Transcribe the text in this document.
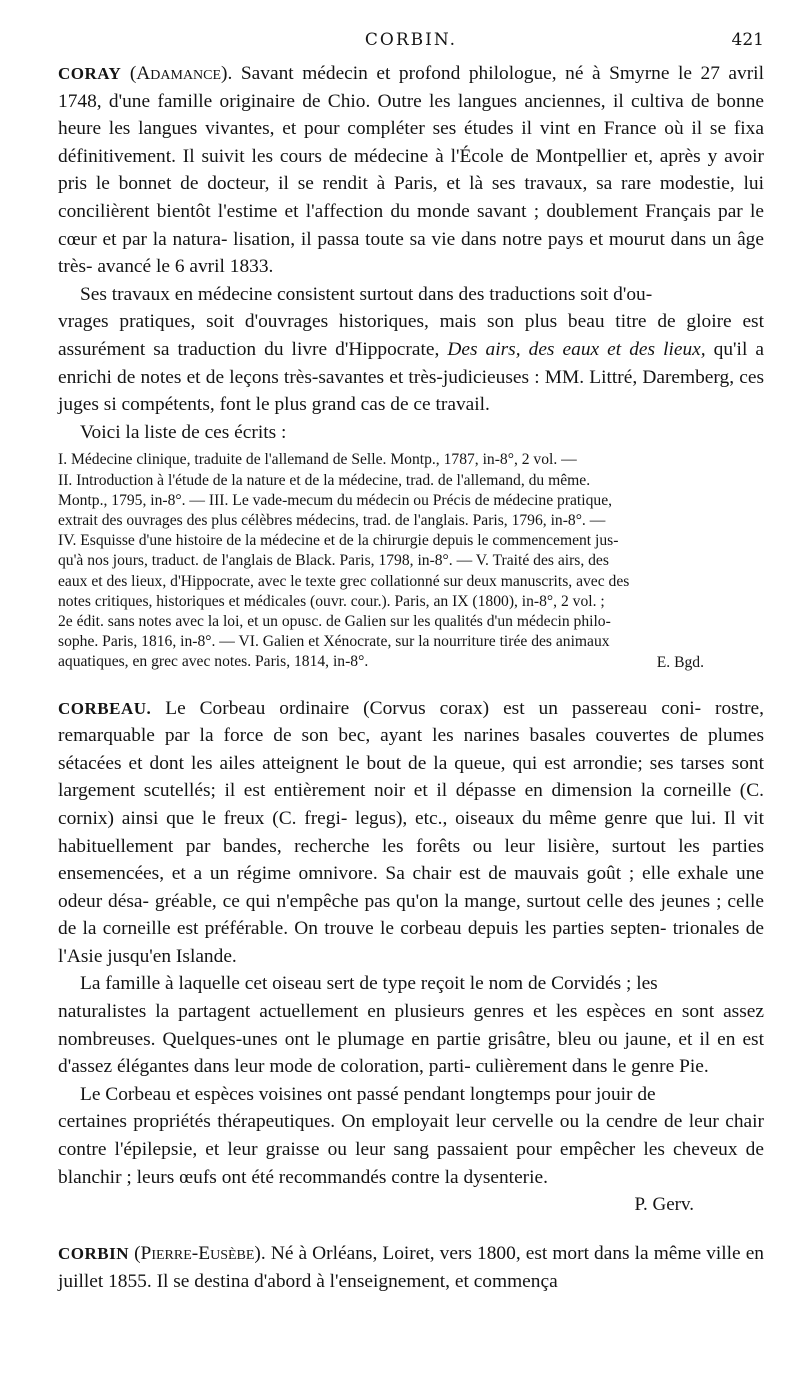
CORBIN.	421

CORAY (Adamance). Savant médecin et profond philologue, né à Smyrne le 27 avril 1748, d'une famille originaire de Chio. Outre les langues anciennes, il cultiva de bonne heure les langues vivantes, et pour compléter ses études il vint en France où il se fixa définitivement. Il suivit les cours de médecine à l'École de Montpellier et, après y avoir pris le bonnet de docteur, il se rendit à Paris, et là ses travaux, sa rare modestie, lui concilièrent bientôt l'estime et l'affection du monde savant ; doublement Français par le cœur et par la natura- lisation, il passa toute sa vie dans notre pays et mourut dans un âge très- avancé le 6 avril 1833.

Ses travaux en médecine consistent surtout dans des traductions soit d'ou-

vrages pratiques, soit d'ouvrages historiques, mais son plus beau titre de gloire est assurément sa traduction du livre d'Hippocrate, Des airs, des eaux et des lieux, qu'il a enrichi de notes et de leçons très-savantes et très-judicieuses : MM. Littré, Daremberg, ces juges si compétents, font le plus grand cas de ce travail.

Voici la liste de ces écrits :

I. Médecine clinique, traduite de l'allemand de Selle. Montp., 1787, in-8°, 2 vol. —
II. Introduction à l'étude de la nature et de la médecine, trad. de l'allemand, du même.
Montp., 1795, in-8°. — III. Le vade-mecum du médecin ou Précis de médecine pratique,
extrait des ouvrages des plus célèbres médecins, trad. de l'anglais. Paris, 1796, in-8°. —
IV. Esquisse d'une histoire de la médecine et de la chirurgie depuis le commencement jus-
qu'à nos jours, traduct. de l'anglais de Black. Paris, 1798, in-8°. — V. Traité des airs, des
eaux et des lieux, d'Hippocrate, avec le texte grec collationné sur deux manuscrits, avec des
notes critiques, historiques et médicales (ouvr. cour.). Paris, an IX (1800), in-8°, 2 vol. ;
2e édit. sans notes avec la loi, et un opusc. de Galien sur les qualités d'un médecin philo-
sophe. Paris, 1816, in-8°. — VI. Galien et Xénocrate, sur la nourriture tirée des animaux
aquatiques, en grec avec notes. Paris, 1814, in-8°.	E. Bgd.

CORBEAU. Le Corbeau ordinaire (Corvus corax) est un passereau coni- rostre, remarquable par la force de son bec, ayant les narines basales couvertes de plumes sétacées et dont les ailes atteignent le bout de la queue, qui est arrondie; ses tarses sont largement scutellés; il est entièrement noir et il dépasse en dimension la corneille (C. cornix) ainsi que le freux (C. fregi- legus), etc., oiseaux du même genre que lui. Il vit habituellement par bandes, recherche les forêts ou leur lisière, surtout les parties ensemencées, et a un régime omnivore. Sa chair est de mauvais goût ; elle exhale une odeur désa- gréable, ce qui n'empêche pas qu'on la mange, surtout celle des jeunes ; celle de la corneille est préférable. On trouve le corbeau depuis les parties septen- trionales de l'Asie jusqu'en Islande.

La famille à laquelle cet oiseau sert de type reçoit le nom de Corvidés ; les

naturalistes la partagent actuellement en plusieurs genres et les espèces en sont assez nombreuses. Quelques-unes ont le plumage en partie grisâtre, bleu ou jaune, et il en est d'assez élégantes dans leur mode de coloration, parti- culièrement dans le genre Pie.

Le Corbeau et espèces voisines ont passé pendant longtemps pour jouir de

certaines propriétés thérapeutiques. On employait leur cervelle ou la cendre de leur chair contre l'épilepsie, et leur graisse ou leur sang passaient pour empêcher les cheveux de blanchir ; leurs œufs ont été recommandés contre la dysenterie.

P. Gerv.

CORBIN (Pierre-Eusèbe). Né à Orléans, Loiret, vers 1800, est mort dans la même ville en juillet 1855. Il se destina d'abord à l'enseignement, et commença
